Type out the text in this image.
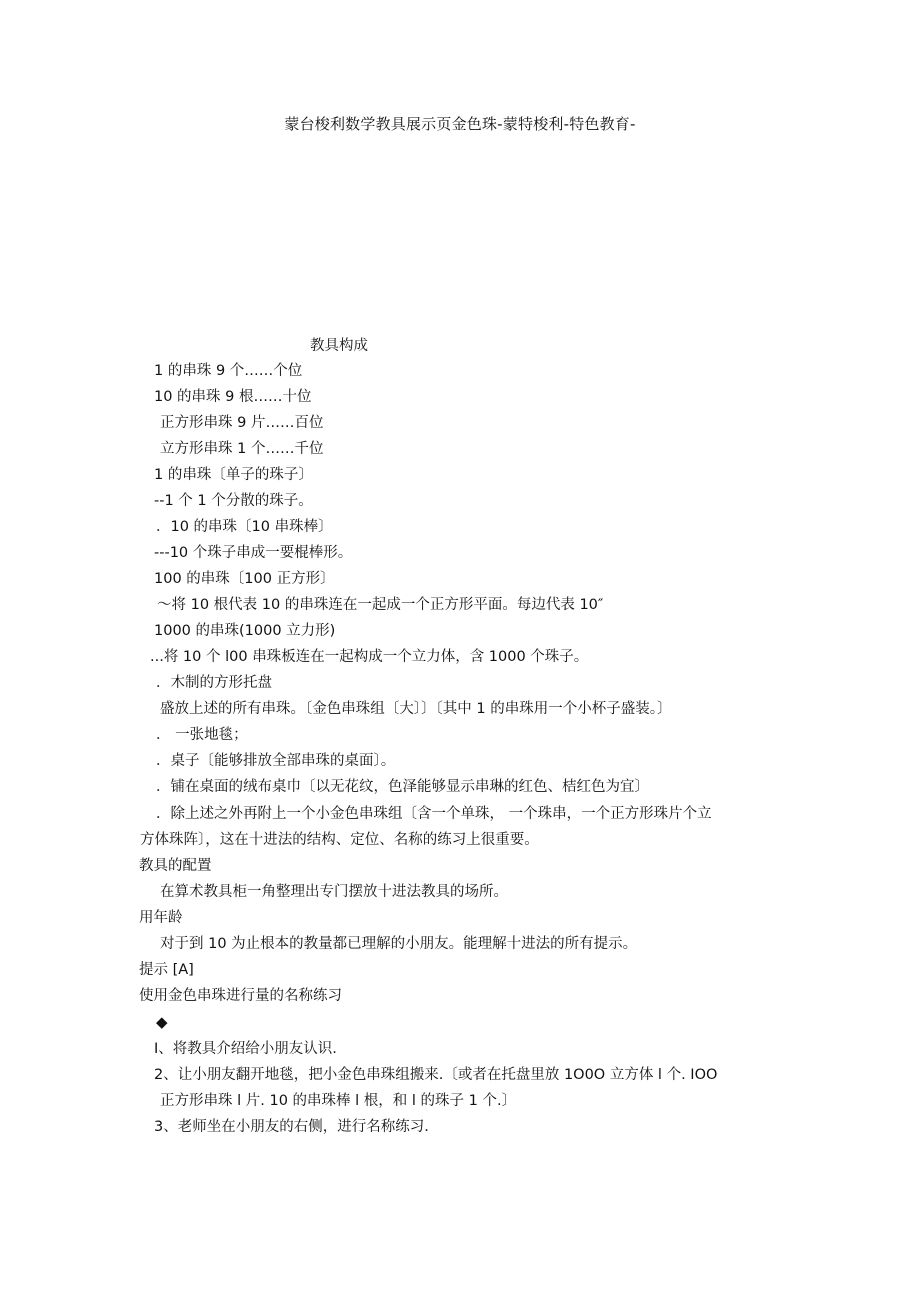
蒙台梭利数学教具展示页金色珠-蒙特梭利-特色教育-
教具构成
1 的串珠 9 个……个位
10 的串珠 9 根……十位
正方形串珠 9 片……百位
立方形串珠 1 个……千位
1 的串珠〔单子的珠子〕
--1 个 1 个分散的珠子。
．10 的串珠〔10 串珠棒〕
---10 个珠子串成一要棍棒形。
100 的串珠〔100 正方形〕
～将 10 根代表 10 的串珠连在一起成一个正方形平面。每边代表 10″
1000 的串珠(1000 立力形)
...将 10 个 l00 串珠板连在一起构成一个立力体，含 1000 个珠子。
．木制的方形托盘
盛放上述的所有串珠。〔金色串珠组〔大〕〕〔其中 1 的串珠用一个小杯子盛装。〕
． 一张地毯；
．桌子〔能够排放全部串珠的桌面〕。
．铺在桌面的绒布桌巾〔以无花纹，色泽能够显示串琳的红色、桔红色为宜〕
．除上述之外再附上一个小金色串珠组〔含一个单珠， 一个珠串，一个正方形珠片个立
方体珠阵〕，这在十进法的结构、定位、名称的练习上很重要。
教具的配置
在算术教具柜一角整理出专门摆放十进法教具的场所。
用年龄
对于到 10 为止根本的教量都已理解的小朋友。能理解十进法的所有提示。
提示 [A]
使用金色串珠进行量的名称练习
◆
I、将教具介绍给小朋友认识.
2、让小朋友翻开地毯，把小金色串珠组搬来.〔或者在托盘里放 1O0O 立方体 l 个. IOO
正方形串珠 l 片. 10 的串珠棒 l 根，和 l 的珠子 1 个.〕
3、老师坐在小朋友的右侧，进行名称练习.
